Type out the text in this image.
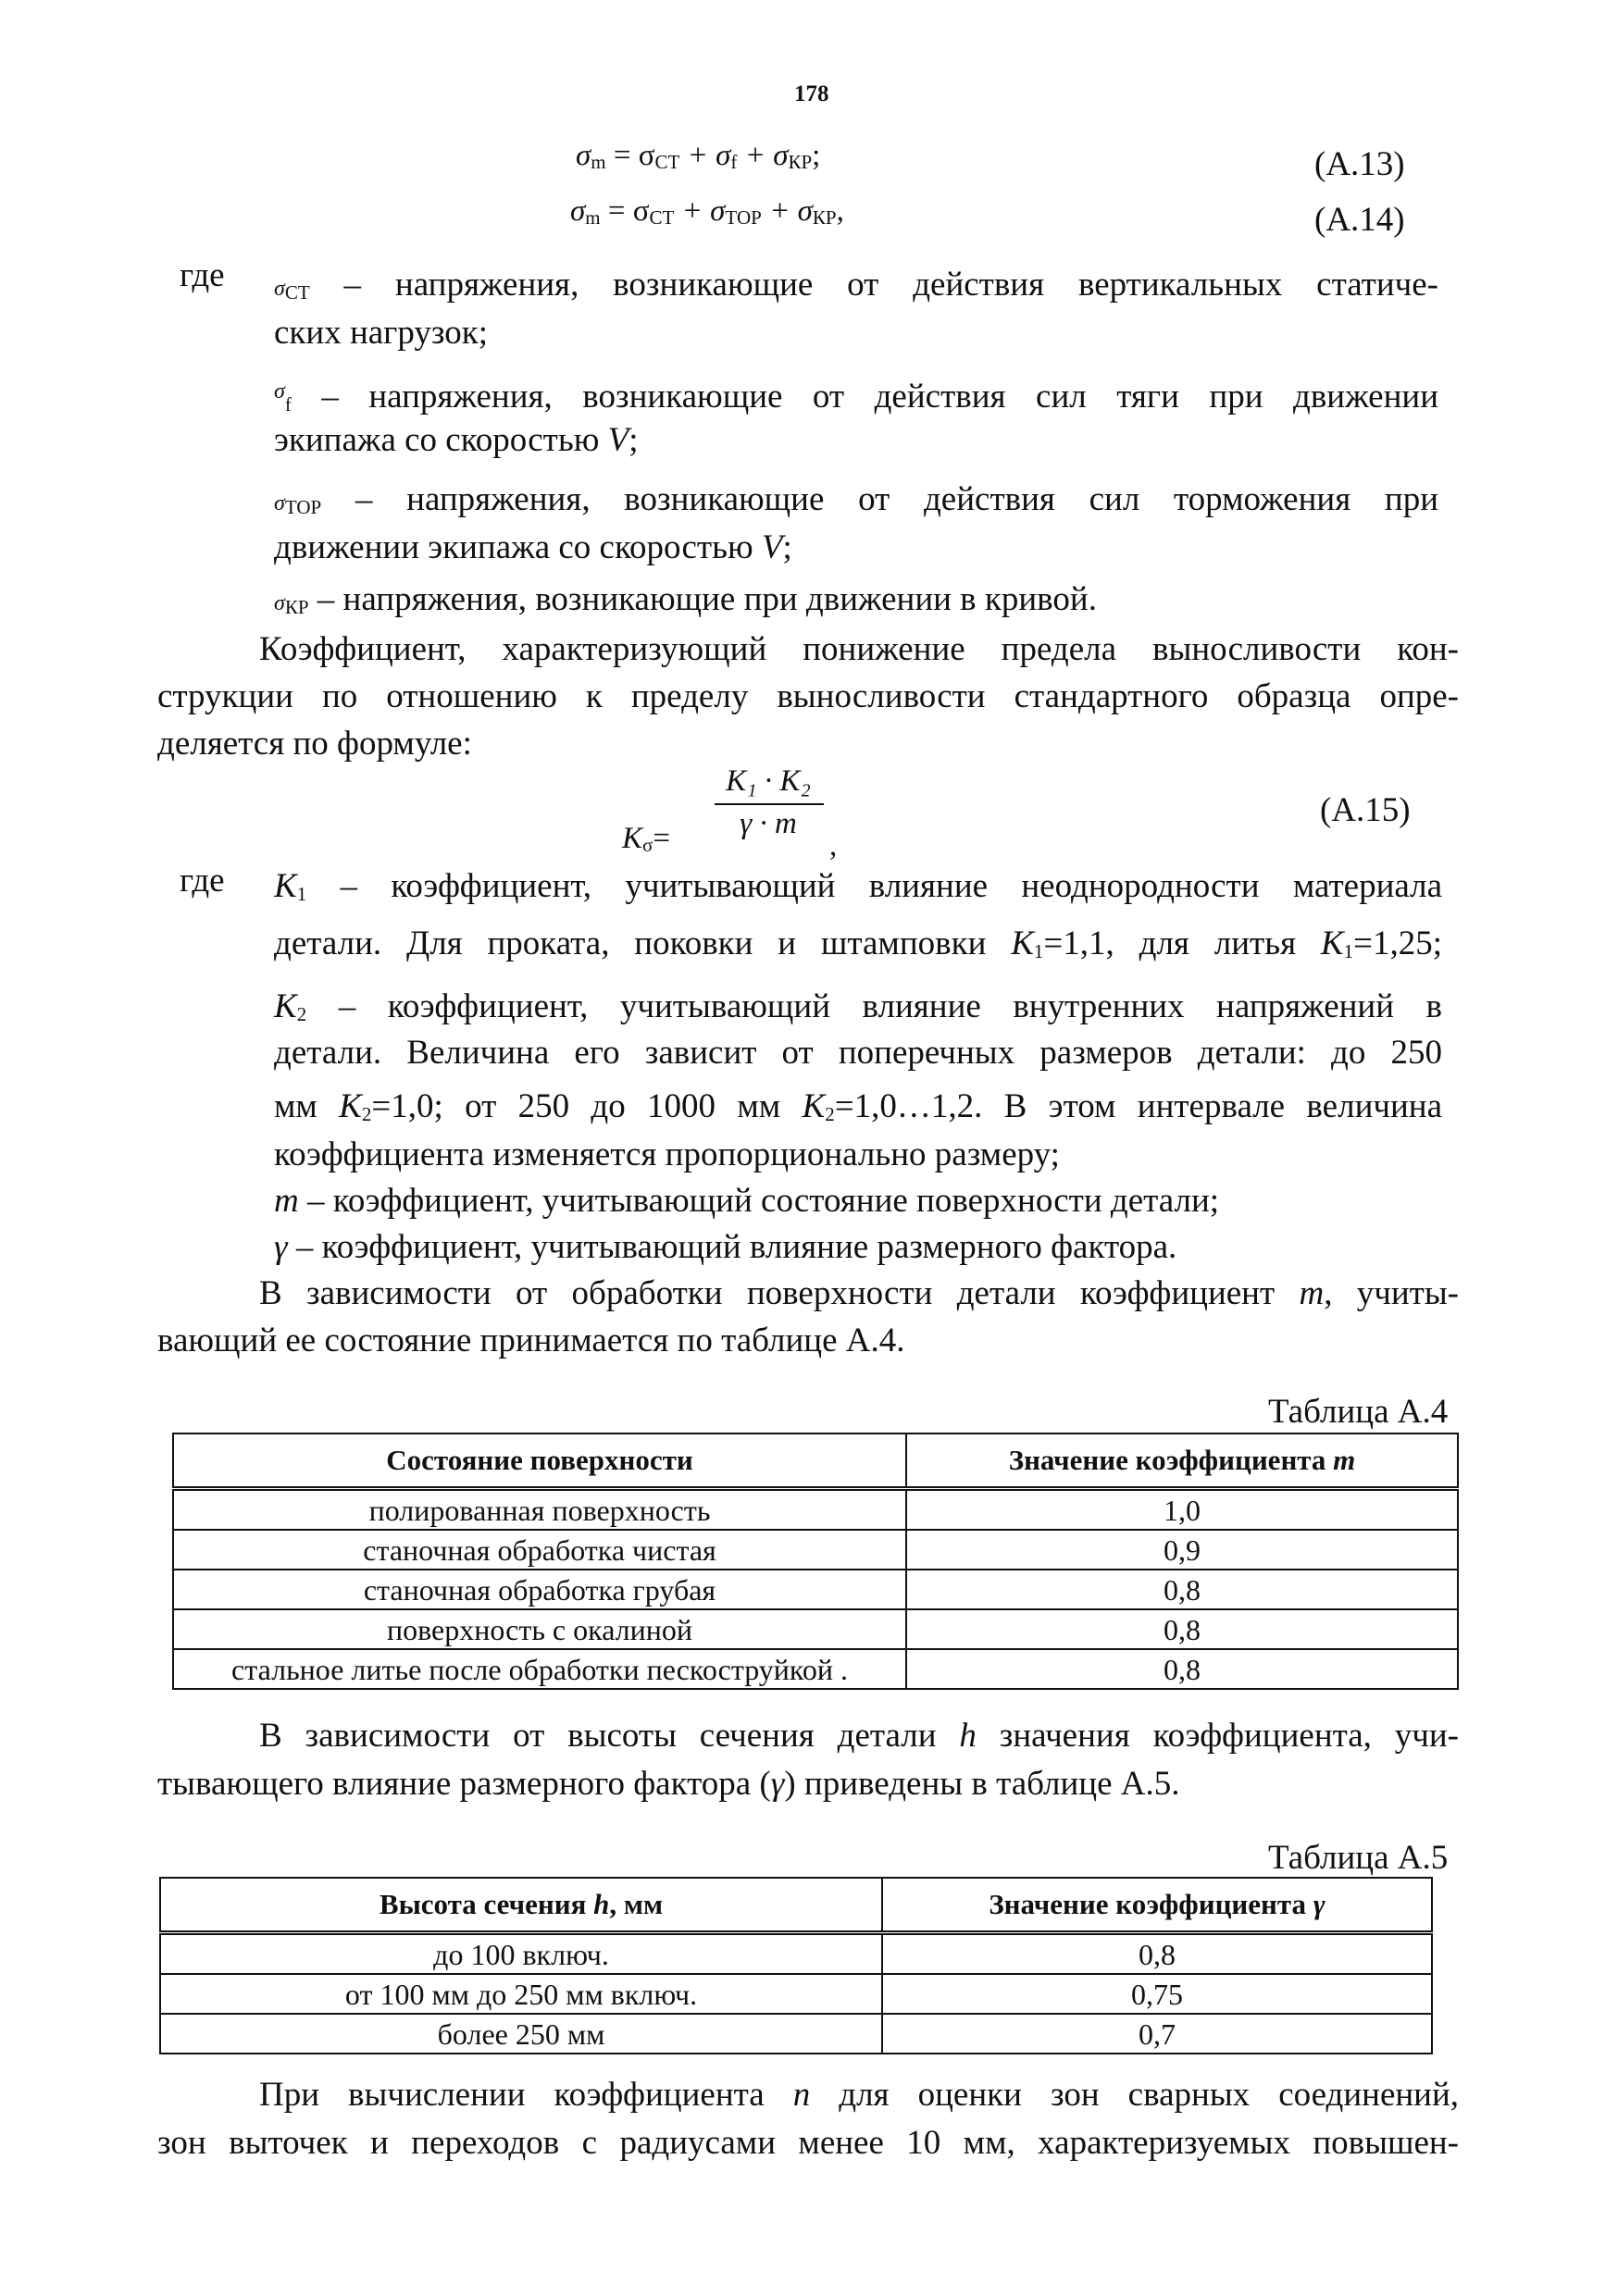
178
σm = σСТ + σf + σКР;	(А.13)
σm = σСТ + σТОР + σКР,	(А.14)
где σСТ – напряжения, возникающие от действия вертикальных статиче-
ских нагрузок;
$^\sigma$f – напряжения, возникающие от действия сил тяги при движении
экипажа со скоростью V;
σТОР – напряжения, возникающие от действия сил торможения при
движении экипажа со скоростью V;
σКР – напряжения, возникающие при движении в кривой.
Коэффициент, характеризующий понижение предела выносливости кон-
струкции по отношению к пределу выносливости стандартного образца опре-
деляется по формуле:
Kσ=
K₁ · K₂
γ · m
,
(А.15)
где K1 – коэффициент, учитывающий влияние неоднородности материала
детали. Для проката, поковки и штамповки K1=1,1, для литья K1=1,25;
K2 – коэффициент, учитывающий влияние внутренних напряжений в
детали. Величина его зависит от поперечных размеров детали: до 250
мм K2=1,0; от 250 до 1000 мм K2=1,0…1,2. В этом интервале величина
коэффициента изменяется пропорционально размеру;
m – коэффициент, учитывающий состояние поверхности детали;
γ – коэффициент, учитывающий влияние размерного фактора.
В зависимости от обработки поверхности детали коэффициент m, учиты-
вающий ее состояние принимается по таблице А.4.
Таблица А.4
Состояние поверхности	Значение коэффициента m
полированная поверхность	1,0
станочная обработка чистая	0,9
станочная обработка грубая	0,8
поверхность с окалиной	0,8
стальное литье после обработки пескоструйкой .	0,8
В зависимости от высоты сечения детали h значения коэффициента, учи-
тывающего влияние размерного фактора (γ) приведены в таблице А.5.
Таблица А.5
Высота сечения h, мм	Значение коэффициента γ
до 100 включ.	0,8
от 100 мм до 250 мм включ.	0,75
более 250 мм	0,7
При вычислении коэффициента n для оценки зон сварных соединений,
зон выточек и переходов с радиусами менее 10 мм, характеризуемых повышен-
